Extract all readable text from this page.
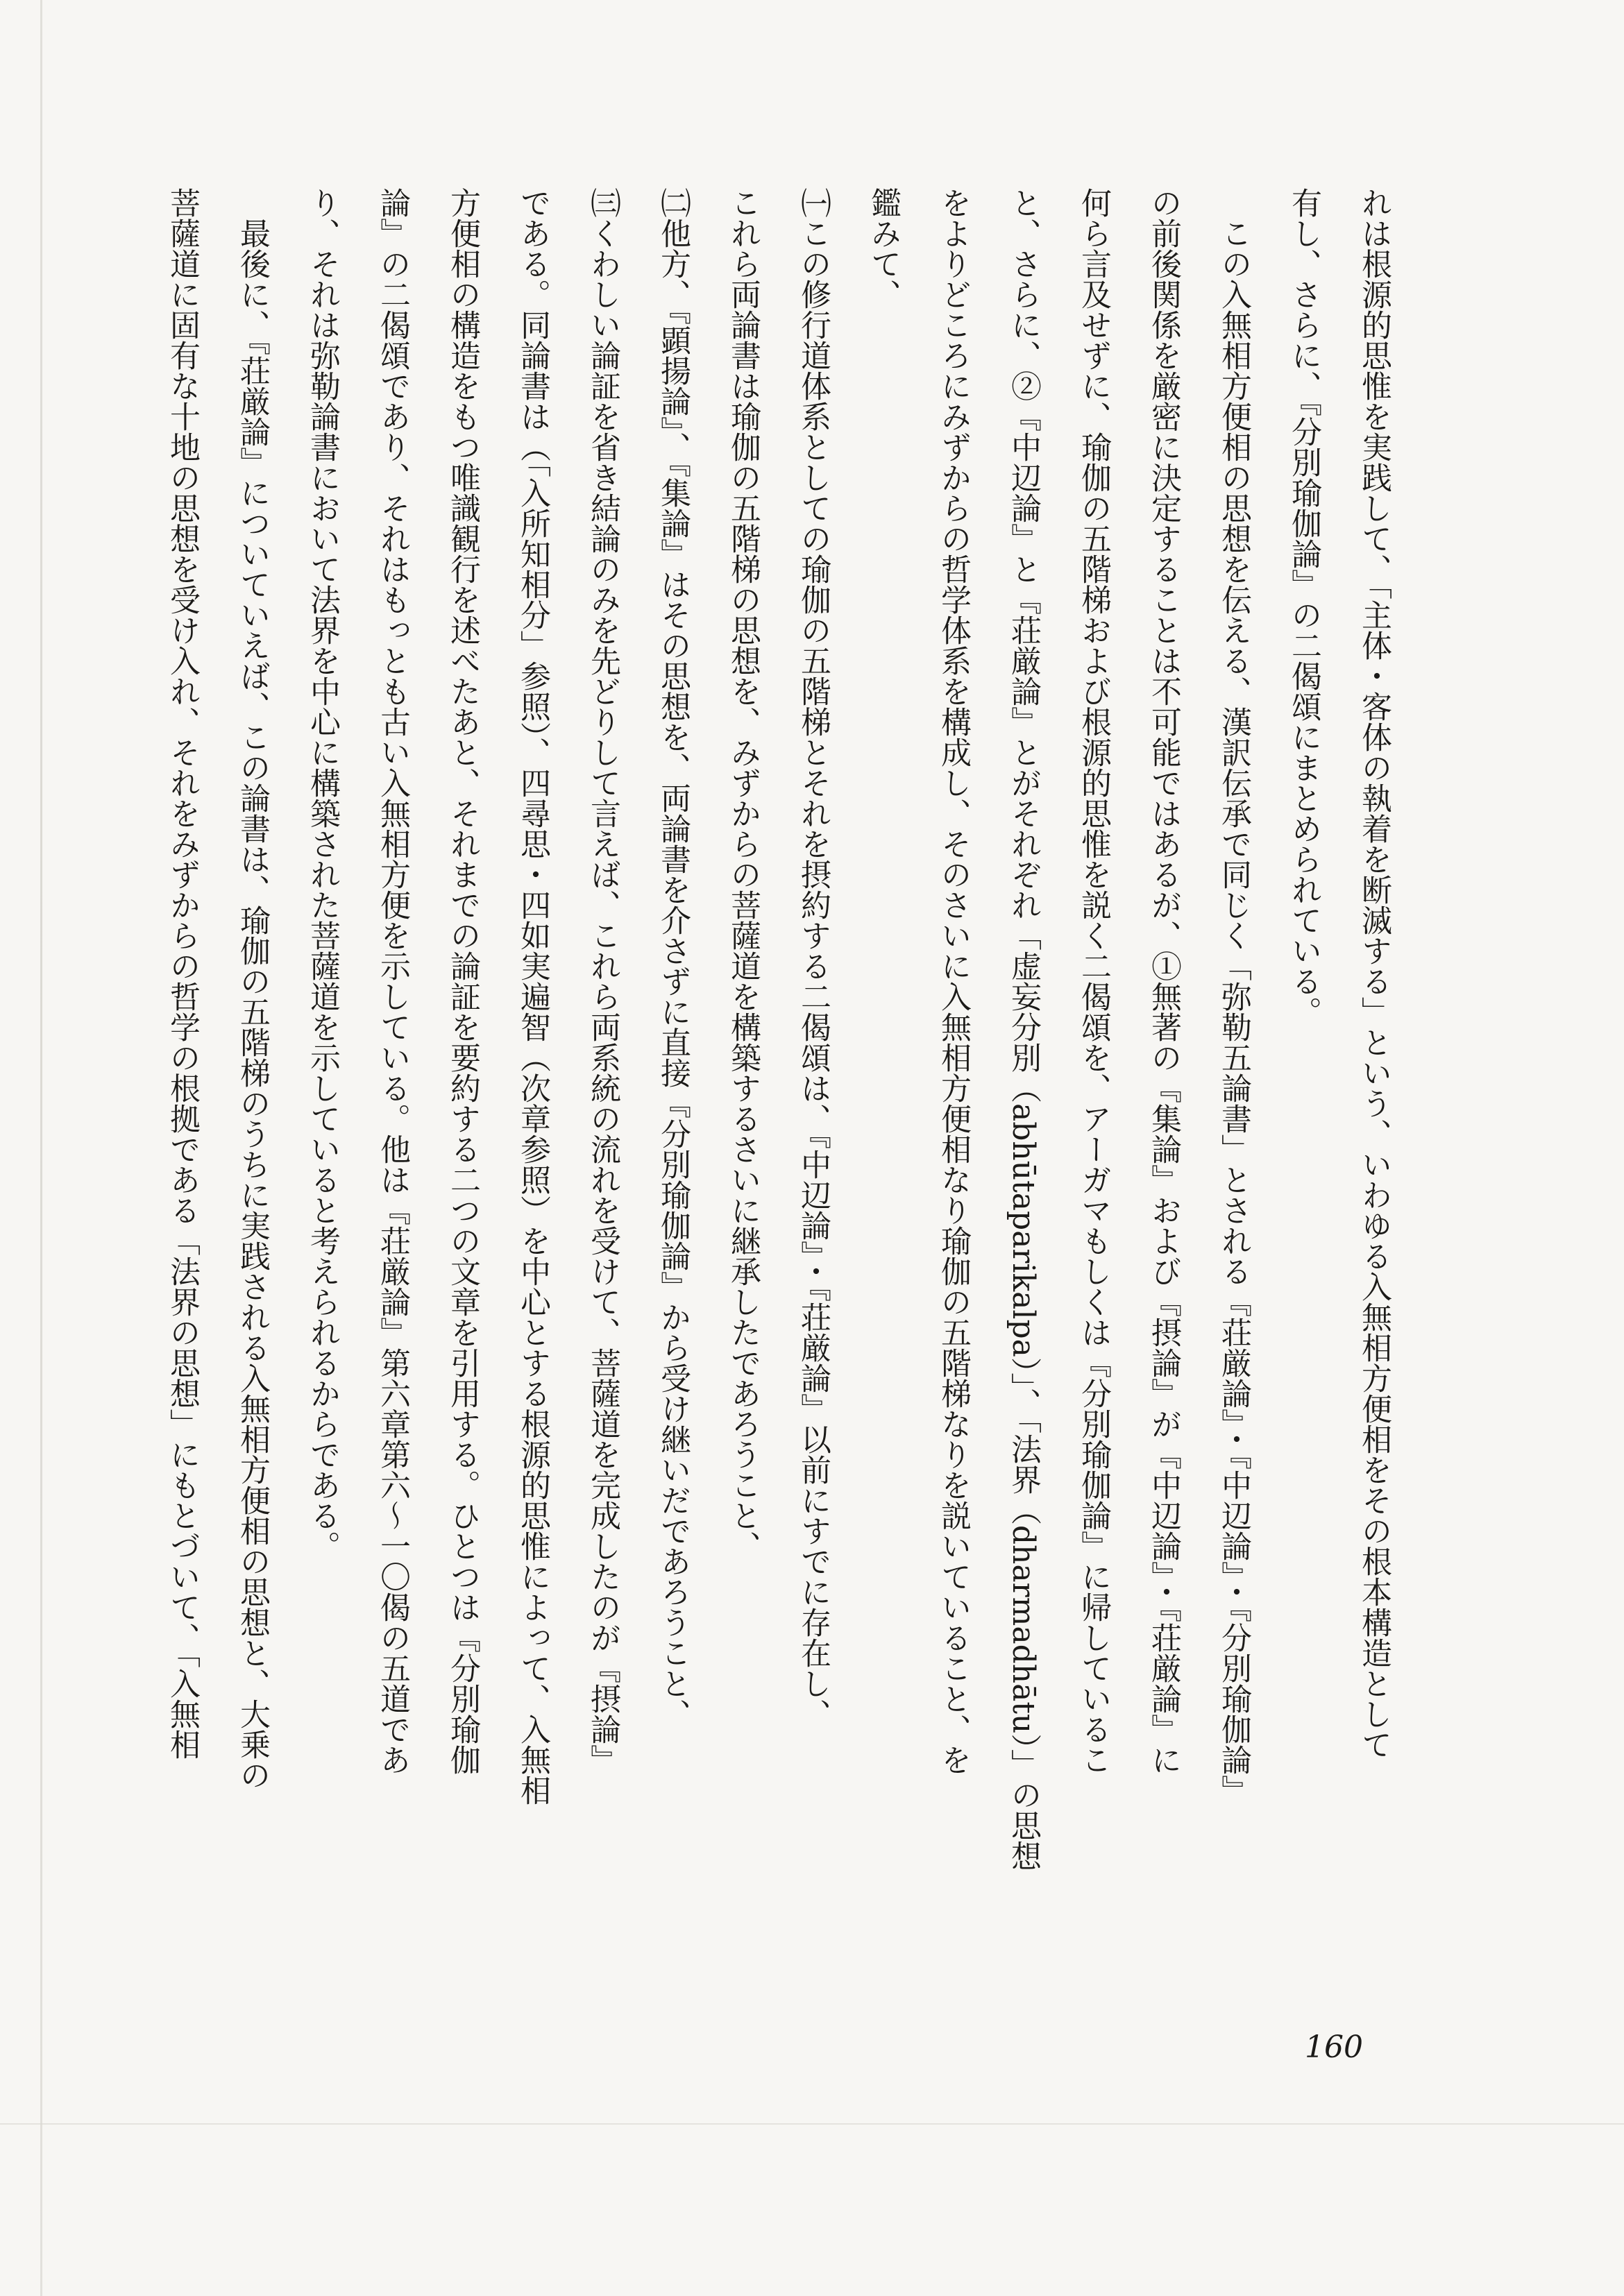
れは根源的思惟を実践して、「主体・客体の執着を断滅する」という、いわゆる入無相方便相をその根本構造として
有し、さらに、『分別瑜伽論』の二偈頌にまとめられている。
　この入無相方便相の思想を伝える、漢訳伝承で同じく「弥勒五論書」とされる『荘厳論』・『中辺論』・『分別瑜伽論』
の前後関係を厳密に決定することは不可能ではあるが、①無著の『集論』および『摂論』が『中辺論』・『荘厳論』に
何ら言及せずに、瑜伽の五階梯および根源的思惟を説く二偈頌を、アーガマもしくは『分別瑜伽論』に帰しているこ
と、さらに、②『中辺論』と『荘厳論』とがそれぞれ「虚妄分別（abhūtaparikalpa）」、「法界（dharmadhātu）」の思想
をよりどころにみずからの哲学体系を構成し、そのさいに入無相方便相なり瑜伽の五階梯なりを説いていること、を
鑑みて、
㈠この修行道体系としての瑜伽の五階梯とそれを摂約する二偈頌は、『中辺論』・『荘厳論』以前にすでに存在し、
これら両論書は瑜伽の五階梯の思想を、みずからの菩薩道を構築するさいに継承したであろうこと、
㈡他方、『顕揚論』、『集論』はその思想を、両論書を介さずに直接『分別瑜伽論』から受け継いだであろうこと、
㈢くわしい論証を省き結論のみを先どりして言えば、これら両系統の流れを受けて、菩薩道を完成したのが『摂論』
である。同論書は（「入所知相分」参照）、四尋思・四如実遍智（次章参照）を中心とする根源的思惟によって、入無相
方便相の構造をもつ唯識観行を述べたあと、それまでの論証を要約する二つの文章を引用する。ひとつは『分別瑜伽
論』の二偈頌であり、それはもっとも古い入無相方便を示している。他は『荘厳論』第六章第六～一〇偈の五道であ
り、それは弥勒論書において法界を中心に構築された菩薩道を示していると考えられるからである。
　最後に、『荘厳論』についていえば、この論書は、瑜伽の五階梯のうちに実践される入無相方便相の思想と、大乗の
菩薩道に固有な十地の思想を受け入れ、それをみずからの哲学の根拠である「法界の思想」にもとづいて、「入無相
160
